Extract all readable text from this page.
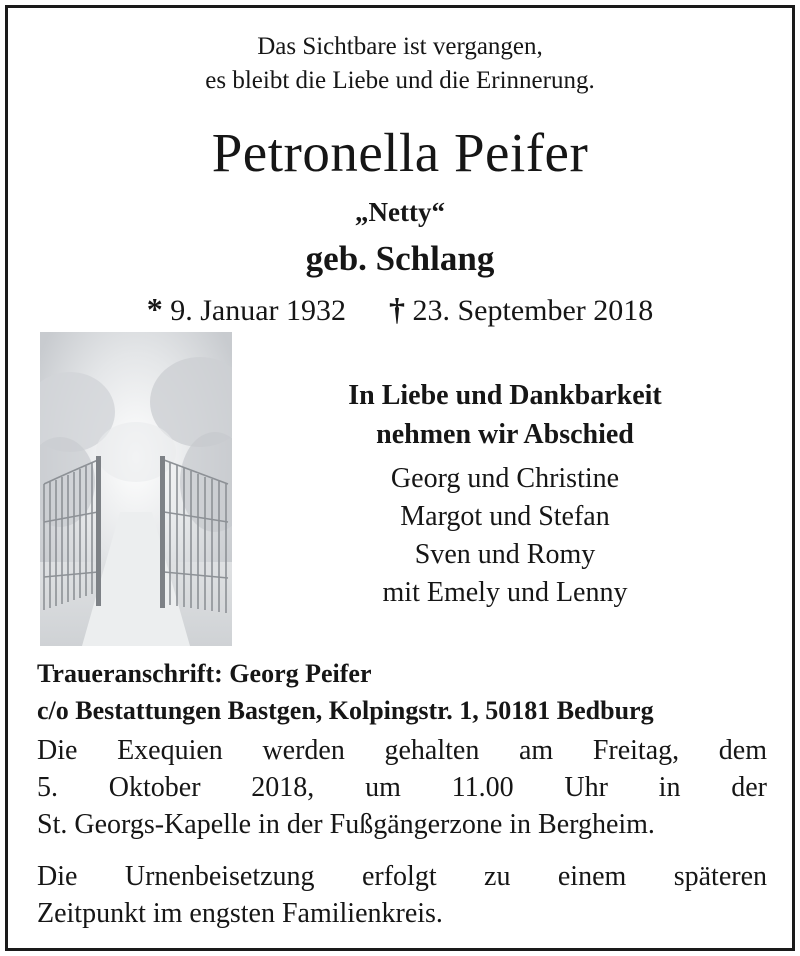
Das Sichtbare ist vergangen,
es bleibt die Liebe und die Erinnerung.
Petronella Peifer
„Netty“
geb. Schlang
* 9. Januar 1932 † 23. September 2018
In Liebe und Dankbarkeit
nehmen wir Abschied
Georg und Christine
Margot und Stefan
Sven und Romy
mit Emely und Lenny
Traueranschrift: Georg Peifer
c/o Bestattungen Bastgen, Kolpingstr. 1, 50181 Bedburg
Die Exequien werden gehalten am Freitag, dem
5. Oktober 2018, um 11.00 Uhr in der
St. Georgs-Kapelle in der Fußgängerzone in Bergheim.
Die Urnenbeisetzung erfolgt zu einem späteren
Zeitpunkt im engsten Familienkreis.
